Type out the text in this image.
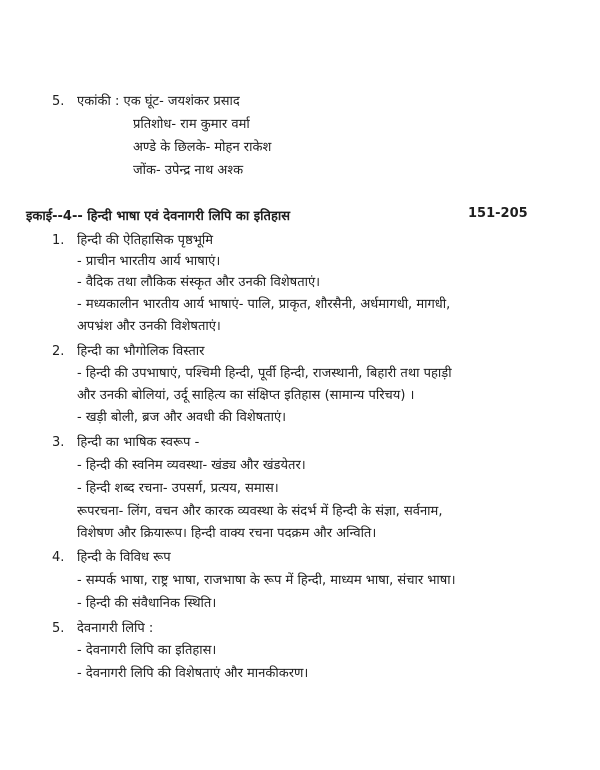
5. एकांकी : एक घूंट- जयशंकर प्रसाद
प्रतिशोध- राम कुमार वर्मा
अण्डे के छिलके- मोहन राकेश
जोंक- उपेन्द्र नाथ अश्क
इकाई--4-- हिन्दी भाषा एवं देवनागरी लिपि का इतिहास	151-205
1. हिन्दी की ऐतिहासिक पृष्ठभूमि
- प्राचीन भारतीय आर्य भाषाएं।
- वैदिक तथा लौकिक संस्कृत और उनकी विशेषताएं।
- मध्यकालीन भारतीय आर्य भाषाएं- पालि, प्राकृत, शौरसैनी, अर्धमागधी, मागधी,
अपभ्रंश और उनकी विशेषताएं।
2. हिन्दी का भौगोलिक विस्तार
- हिन्दी की उपभाषाएं, पश्चिमी हिन्दी, पूर्वी हिन्दी, राजस्थानी, बिहारी तथा पहाड़ी
और उनकी बोलियां, उर्दू साहित्य का संक्षिप्त इतिहास (सामान्य परिचय) ।
- खड़ी बोली, ब्रज और अवधी की विशेषताएं।
3. हिन्दी का भाषिक स्वरूप -
- हिन्दी की स्वनिम व्यवस्था- खंड्य और खंडयेतर।
- हिन्दी शब्द रचना- उपसर्ग, प्रत्यय, समास।
रूपरचना- लिंग, वचन और कारक व्यवस्था के संदर्भ में हिन्दी के संज्ञा, सर्वनाम,
विशेषण और क्रियारूप। हिन्दी वाक्य रचना पदक्रम और अन्विति।
4. हिन्दी के विविध रूप
- सम्पर्क भाषा, राष्ट्र भाषा, राजभाषा के रूप में हिन्दी, माध्यम भाषा, संचार भाषा।
- हिन्दी की संवैधानिक स्थिति।
5. देवनागरी लिपि :
- देवनागरी लिपि का इतिहास।
- देवनागरी लिपि की विशेषताएं और मानकीकरण।
